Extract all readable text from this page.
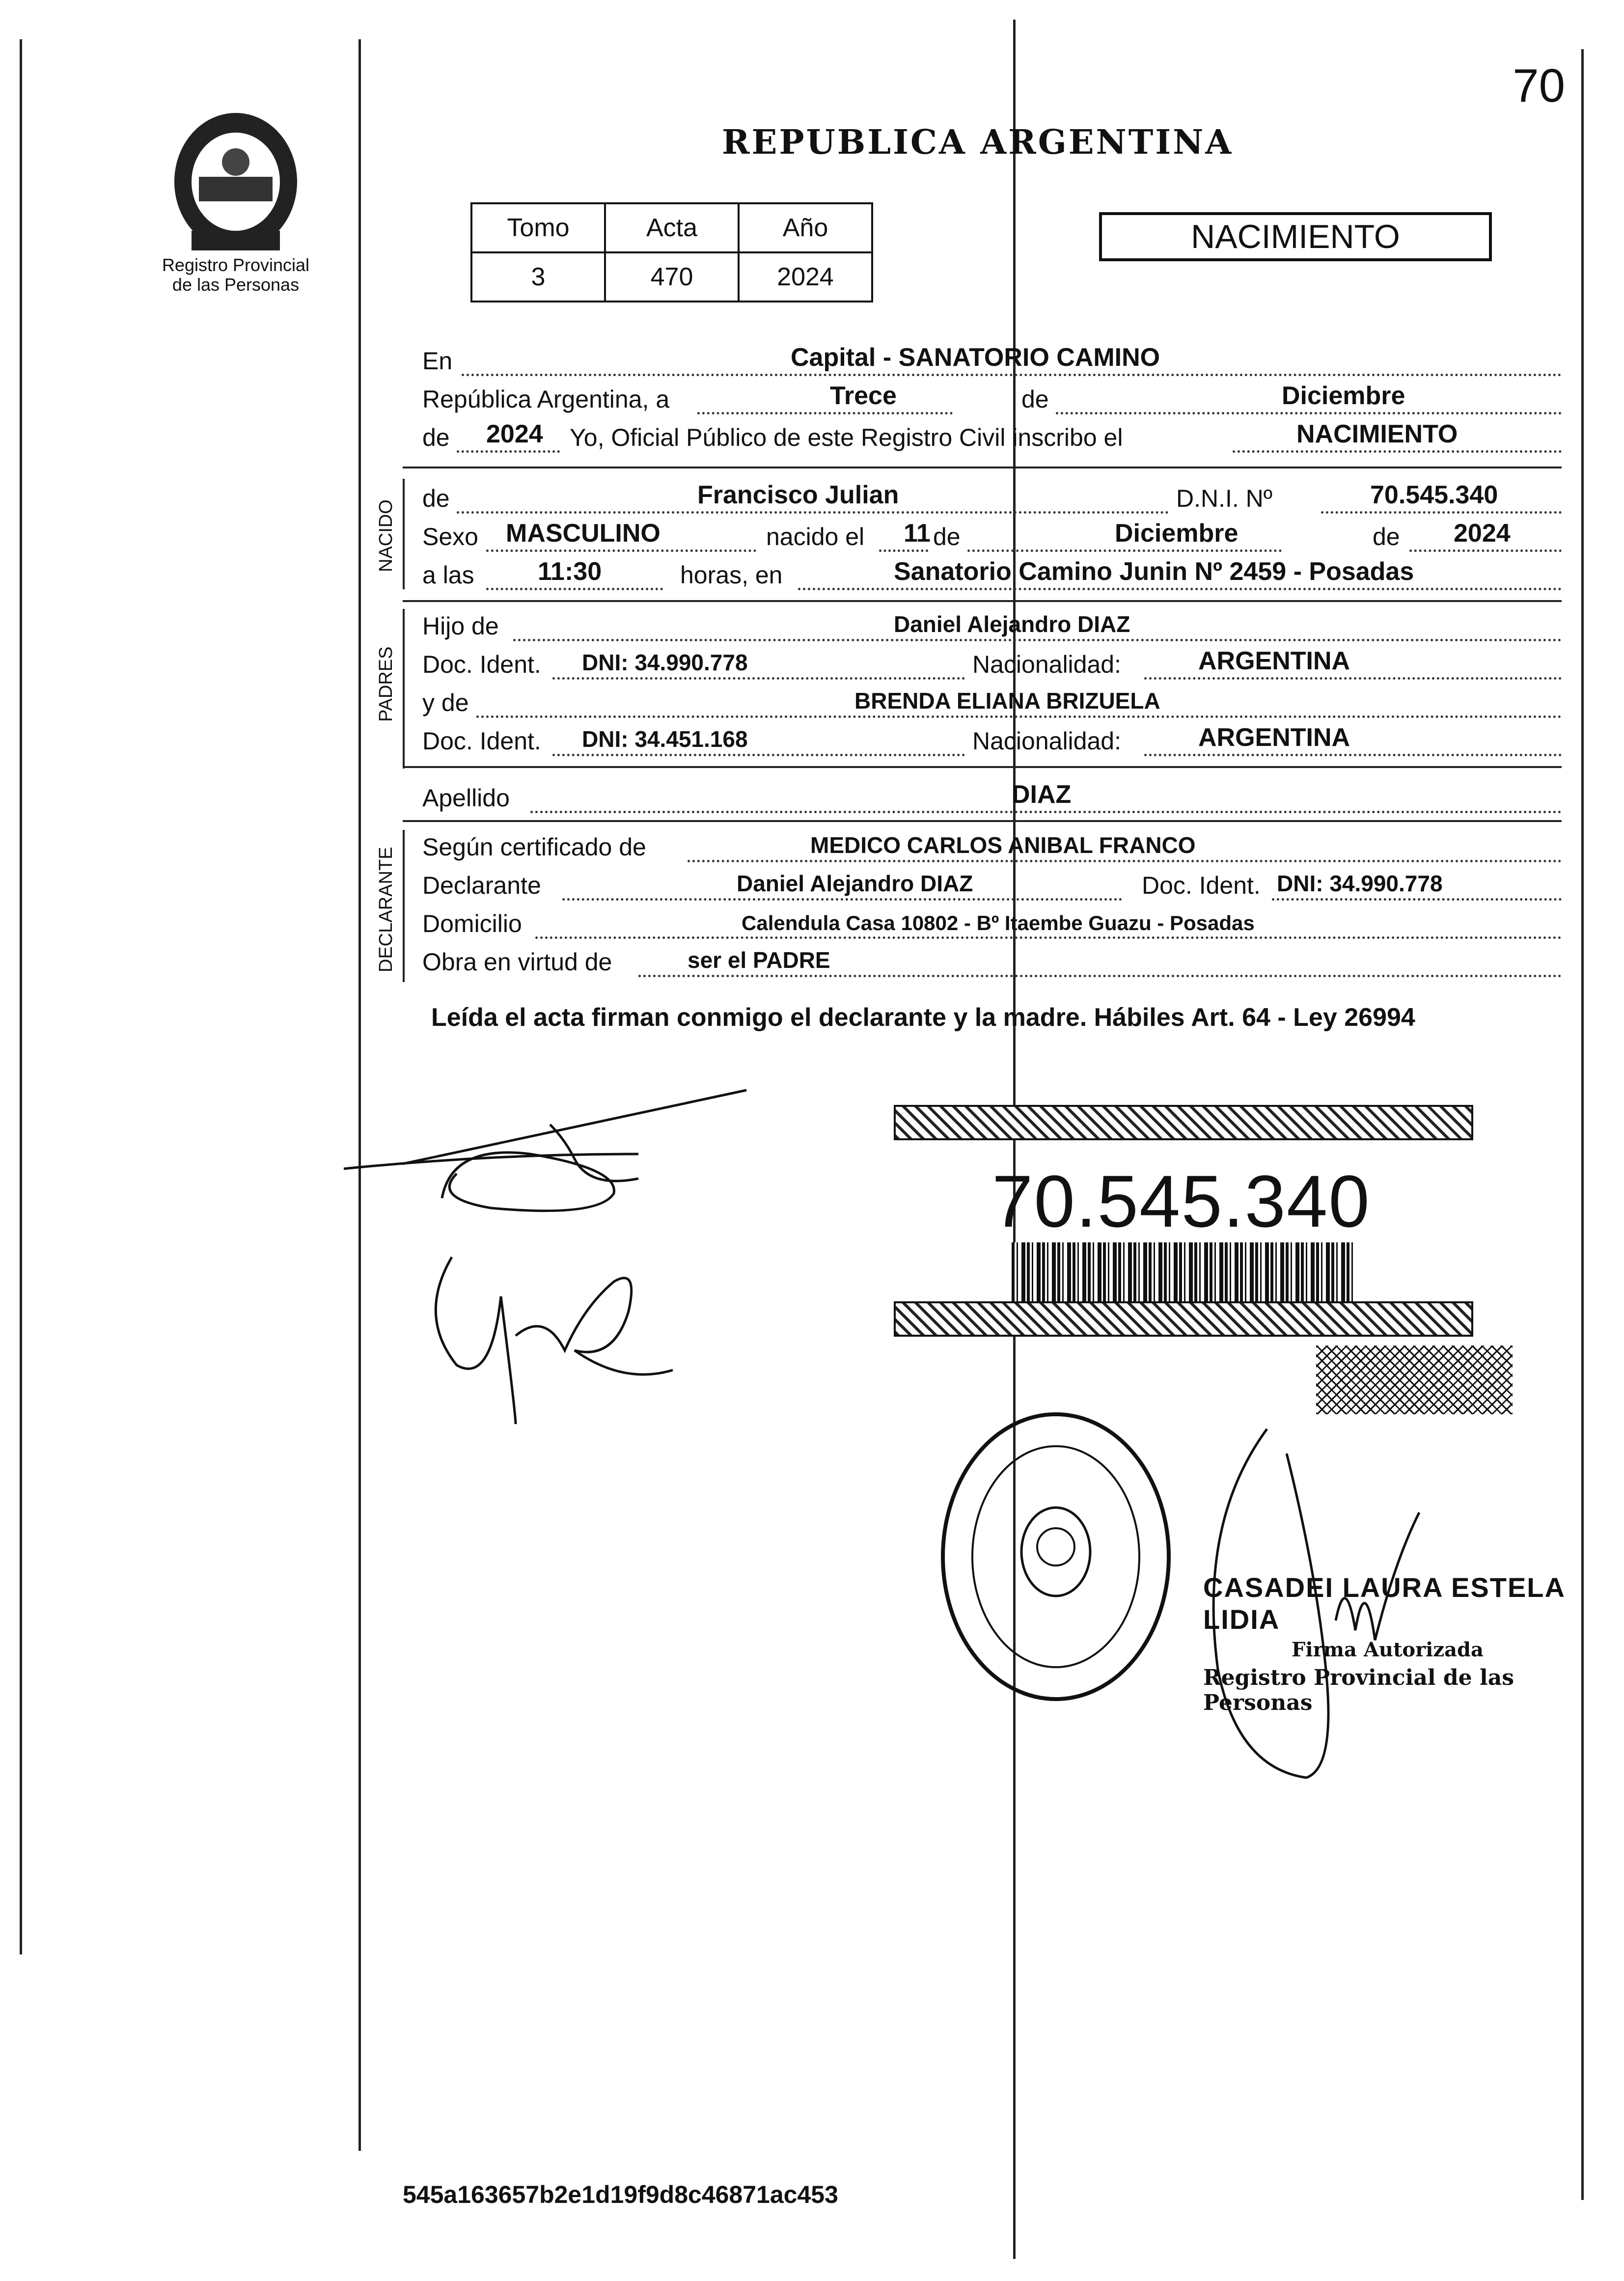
Registro Provincial
de las Personas
70
REPUBLICA ARGENTINA
Tomo	Acta	Año
3	470	2024
NACIMIENTO
En	Capital - SANATORIO CAMINO
República Argentina, a	Trece	de	Diciembre
de 2024 Yo, Oficial Público de este Registro Civil inscribo el	NACIMIENTO
NACIDO
de	Francisco Julian	D.N.I. Nº	70.545.340
Sexo MASCULINO	nacido el 11 de	Diciembre	de 2024
a las 11:30	horas, en	Sanatorio Camino Junin Nº 2459 - Posadas
PADRES
Hijo de	Daniel Alejandro DIAZ
Doc. Ident. DNI: 34.990.778	Nacionalidad:	ARGENTINA
y de	BRENDA ELIANA BRIZUELA
Doc. Ident. DNI: 34.451.168	Nacionalidad:	ARGENTINA
Apellido	DIAZ
DECLARANTE Según certificado de	MEDICO CARLOS ANIBAL FRANCO
Declarante	Daniel Alejandro DIAZ	Doc. Ident. DNI: 34.990.778
Domicilio	Calendula Casa 10802 - Bº Itaembe Guazu - Posadas
Obra en virtud de	ser el PADRE
Leída el acta firman conmigo el declarante y la madre. Hábiles Art. 64 - Ley 26994
70.545.340
CASADEI LAURA ESTELA LIDIA
Firma Autorizada
Registro Provincial de las Personas
545a163657b2e1d19f9d8c46871ac453
